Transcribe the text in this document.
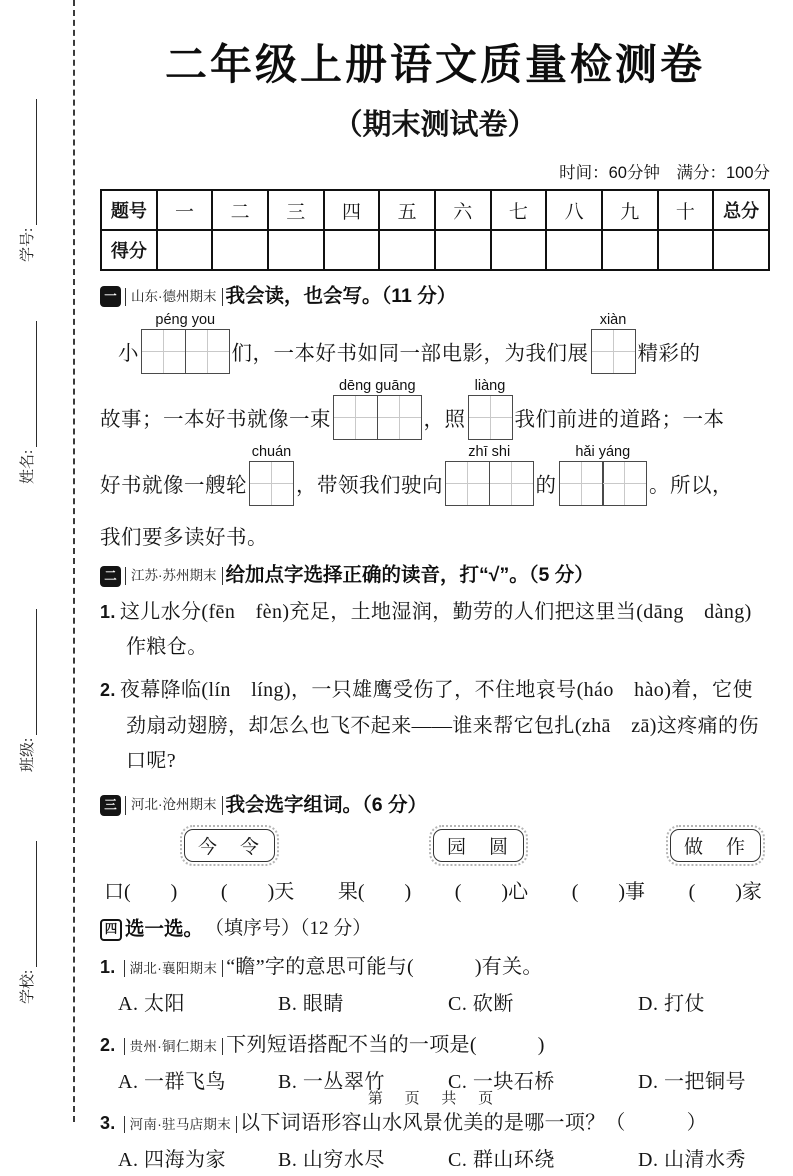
学号:
姓名:
班级:
学校:
二年级上册语文质量检测卷
（期末测试卷）
时间：60分钟　满分：100分
题号	一	二	三	四	五	六	七	八	九	十	总分
得分											
一	山东·德州期末 我会读，也会写。（11 分）
小
péng you
们，一本好书如同一部电影，为我们展
xiàn
精彩的
故事；一本好书就像一束
dēng guāng
，照
liàng
我们前进的道路；一本
好书就像一艘轮
chuán
，带领我们驶向
zhī shi
的
hǎi yáng
。所以，
我们要多读好书。
二	江苏·苏州期末 给加点字选择正确的读音，打“√”。（5 分）

1. 这儿水分(fēn　fèn)充足，土地湿润，勤劳的人们把这里当(dāng　dàng)作粮仓。

2. 夜幕降临(lín　líng)，一只雄鹰受伤了，不住地哀号(háo　hào)着，它使劲扇动翅膀，却怎么也飞不起来——谁来帮它包扎(zhā　zā)这疼痛的伤口呢?

三	河北·沧州期末 我会选字组词。（6 分）
今　令	园　圆	做　作
口(　　) (　　)天 果(　　) (　　)心 (　　)事 (　　)家
四 选一选。 （填序号）（12 分）
1. 湖北·襄阳期末 “瞻”字的意思可能与(　　　)有关。
A. 太阳	B. 眼睛	C. 砍断	D. 打仗
2. 贵州·铜仁期末 下列短语搭配不当的一项是(　　　)
A. 一群飞鸟	B. 一丛翠竹	C. 一块石桥	D. 一把铜号
3. 河南·驻马店期末 以下词语形容山水风景优美的是哪一项？（　　　）
A. 四海为家	B. 山穷水尽	C. 群山环绕	D. 山清水秀
第 页 共 页
